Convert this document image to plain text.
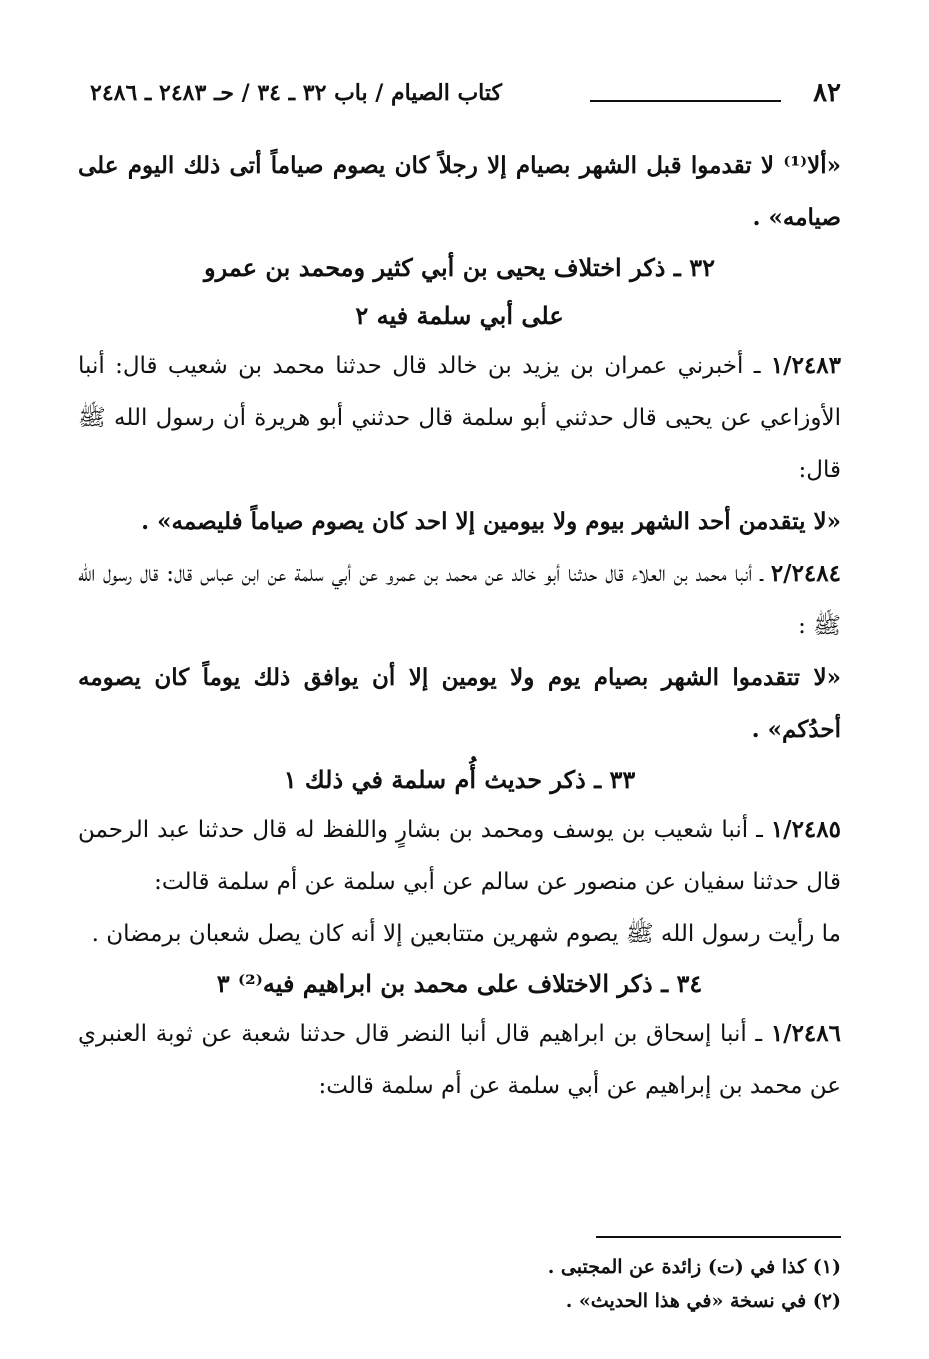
٨٢
كتاب الصيام / باب ٣٢ ـ ٣٤ / حـ ٢٤٨٣ ـ ٢٤٨٦

«ألا⁽¹⁾ لا تقدموا قبل الشهر بصيام إلا رجلاً كان يصوم صياماً أتى ذلك اليوم على صيامه» .

٣٢ ـ ذكر اختلاف يحيى بن أبي كثير ومحمد بن عمرو

على أبي سلمة فيه ٢

١/٢٤٨٣ ـ أخبرني عمران بن يزيد بن خالد قال حدثنا محمد بن شعيب قال: أنبا الأوزاعي عن يحيى قال حدثني أبو سلمة قال حدثني أبو هريرة أن رسول الله ﷺ قال:

«لا يتقدمن أحد الشهر بيوم ولا بيومين إلا احد كان يصوم صياماً فليصمه» .

٢/٢٤٨٤ ـ أنبا محمد بن العلاء قال حدثنا أبو خالد عن محمد بن عمرو عن أبي سلمة عن ابن عباس قال: قال رسول الله ﷺ :

«لا تتقدموا الشهر بصيام يوم ولا يومين إلا أن يوافق ذلك يوماً كان يصومه أحدُكم» .

٣٣ ـ ذكر حديث أُم سلمة في ذلك ١

١/٢٤٨٥ ـ أنبا شعيب بن يوسف ومحمد بن بشارٍ واللفظ له قال حدثنا عبد الرحمن قال حدثنا سفيان عن منصور عن سالم عن أبي سلمة عن أم سلمة قالت:

ما رأيت رسول الله ﷺ يصوم شهرين متتابعين إلا أنه كان يصل شعبان برمضان .

٣٤ ـ ذكر الاختلاف على محمد بن ابراهيم فيه⁽²⁾ ٣

١/٢٤٨٦ ـ أنبا إسحاق بن ابراهيم قال أنبا النضر قال حدثنا شعبة عن ثوبة العنبري عن محمد بن إبراهيم عن أبي سلمة عن أم سلمة قالت:

(١) كذا في (ت) زائدة عن المجتبى .

(٢) في نسخة «في هذا الحديث» .
